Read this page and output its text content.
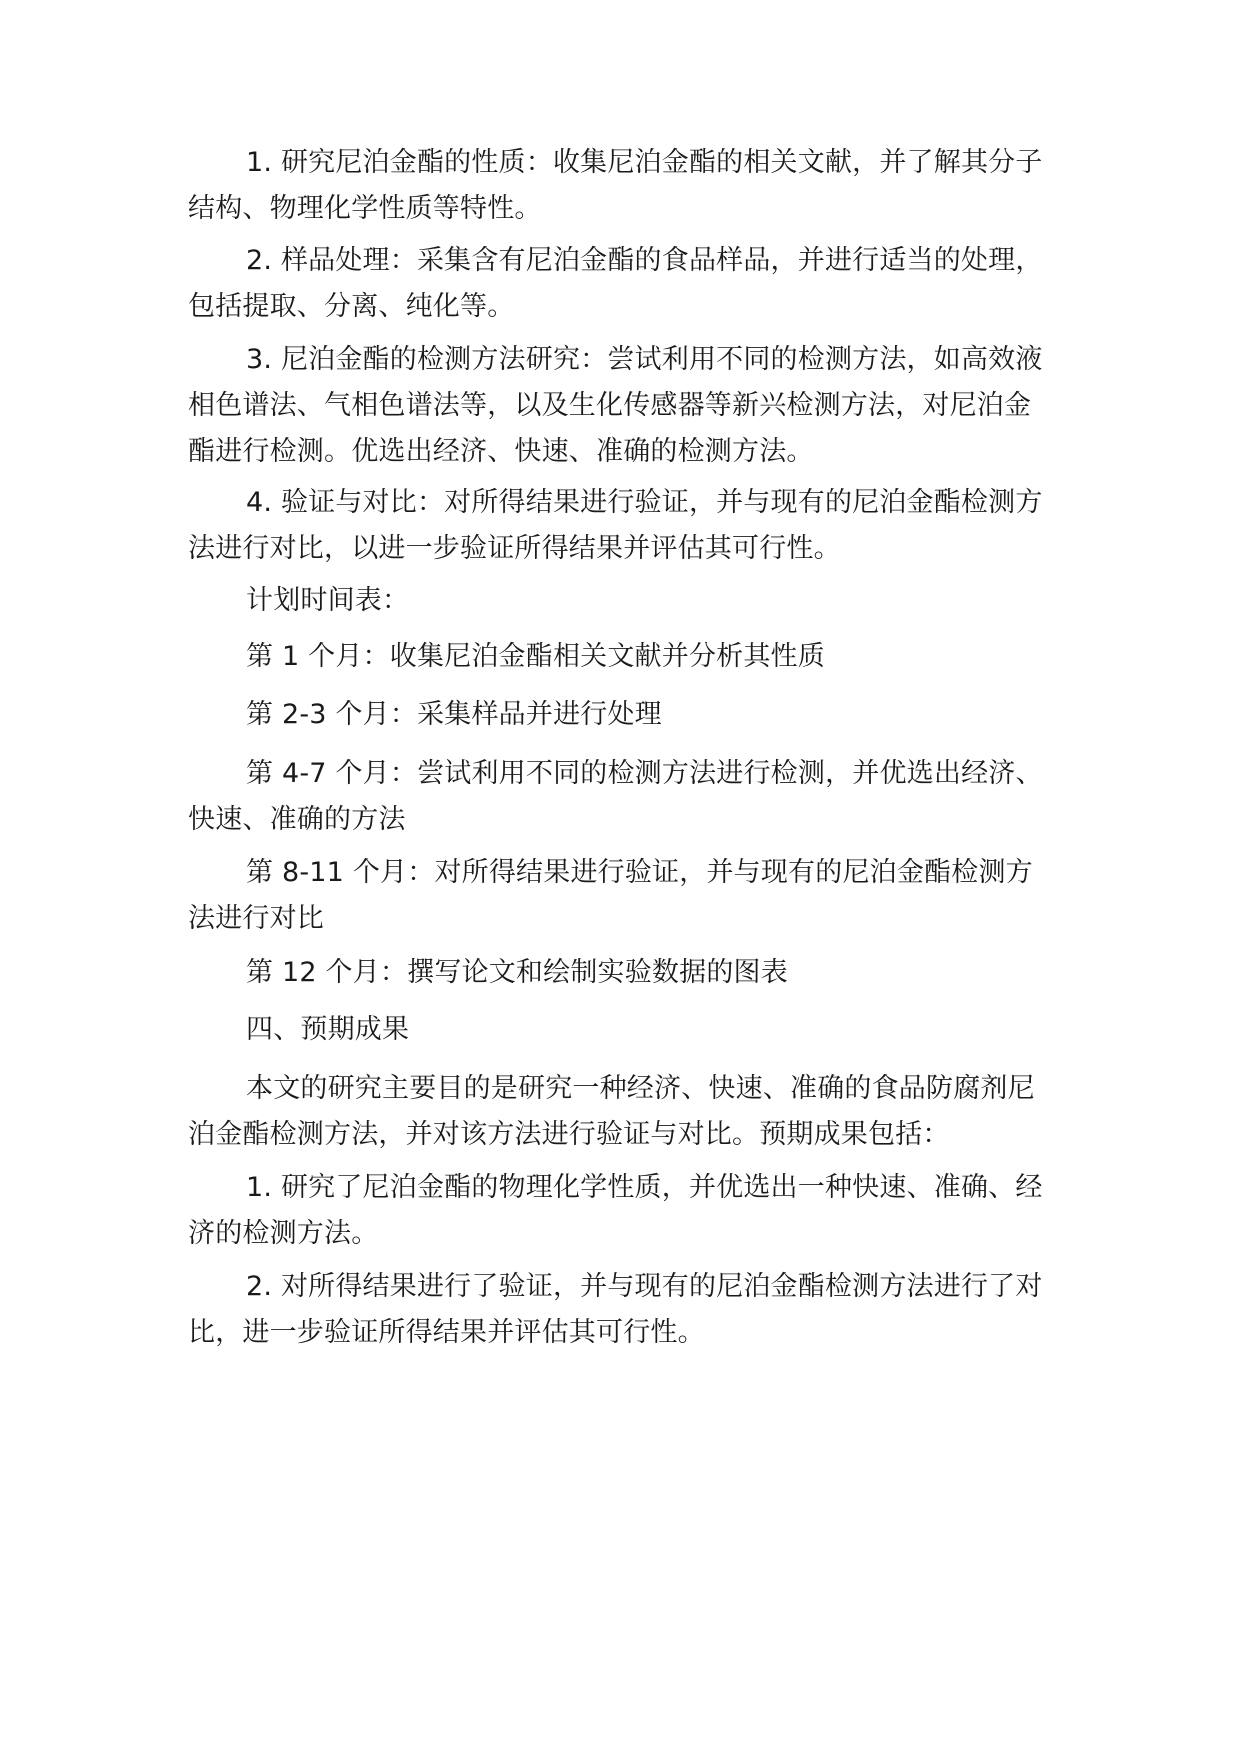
1. 研究尼泊金酯的性质：收集尼泊金酯的相关文献，并了解其分子结构、物理化学性质等特性。

2. 样品处理：采集含有尼泊金酯的食品样品，并进行适当的处理，包括提取、分离、纯化等。

3. 尼泊金酯的检测方法研究：尝试利用不同的检测方法，如高效液相色谱法、气相色谱法等，以及生化传感器等新兴检测方法，对尼泊金酯进行检测。优选出经济、快速、准确的检测方法。

4. 验证与对比：对所得结果进行验证，并与现有的尼泊金酯检测方法进行对比，以进一步验证所得结果并评估其可行性。

计划时间表：

第 1 个月：收集尼泊金酯相关文献并分析其性质

第 2-3 个月：采集样品并进行处理

第 4-7 个月：尝试利用不同的检测方法进行检测，并优选出经济、快速、准确的方法

第 8-11 个月：对所得结果进行验证，并与现有的尼泊金酯检测方法进行对比

第 12 个月：撰写论文和绘制实验数据的图表

四、预期成果

本文的研究主要目的是研究一种经济、快速、准确的食品防腐剂尼泊金酯检测方法，并对该方法进行验证与对比。预期成果包括：

1. 研究了尼泊金酯的物理化学性质，并优选出一种快速、准确、经济的检测方法。

2. 对所得结果进行了验证，并与现有的尼泊金酯检测方法进行了对比，进一步验证所得结果并评估其可行性。
